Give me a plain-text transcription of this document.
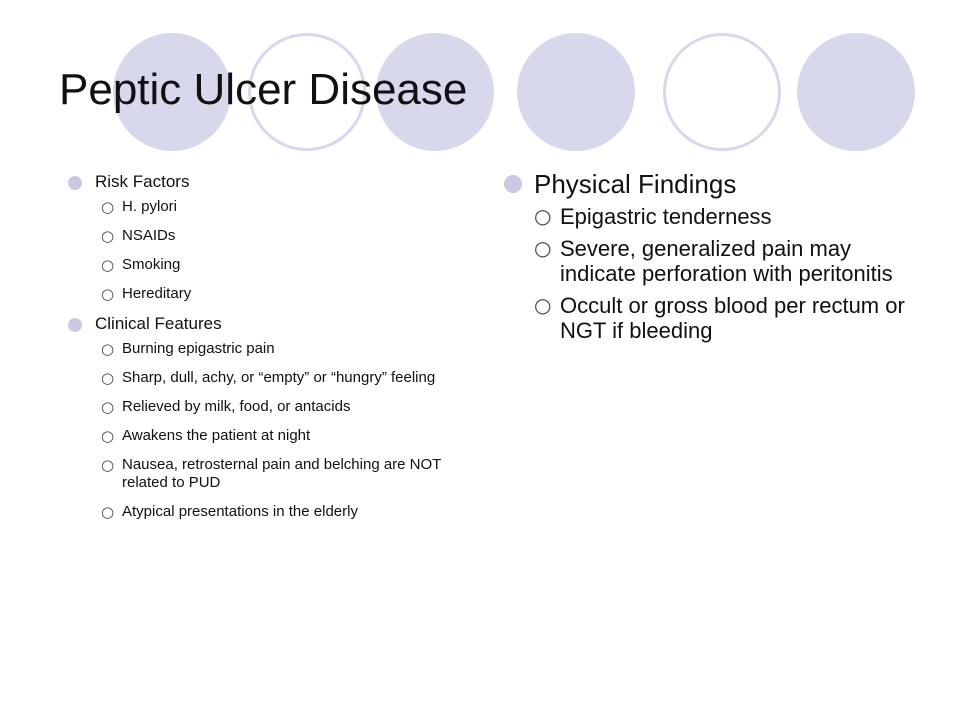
Peptic Ulcer Disease
Risk Factors
○ H. pylori
○ NSAIDs
○ Smoking
○ Hereditary
Clinical Features
○ Burning epigastric pain
○ Sharp, dull, achy, or “empty” or “hungry” feeling
○ Relieved by milk, food, or antacids
○ Awakens the patient at night
○ Nausea, retrosternal pain and belching are NOT related to PUD
○ Atypical presentations in the elderly
Physical Findings
○ Epigastric tenderness
○ Severe, generalized pain may indicate perforation with peritonitis
○ Occult or gross blood per rectum or NGT if bleeding
